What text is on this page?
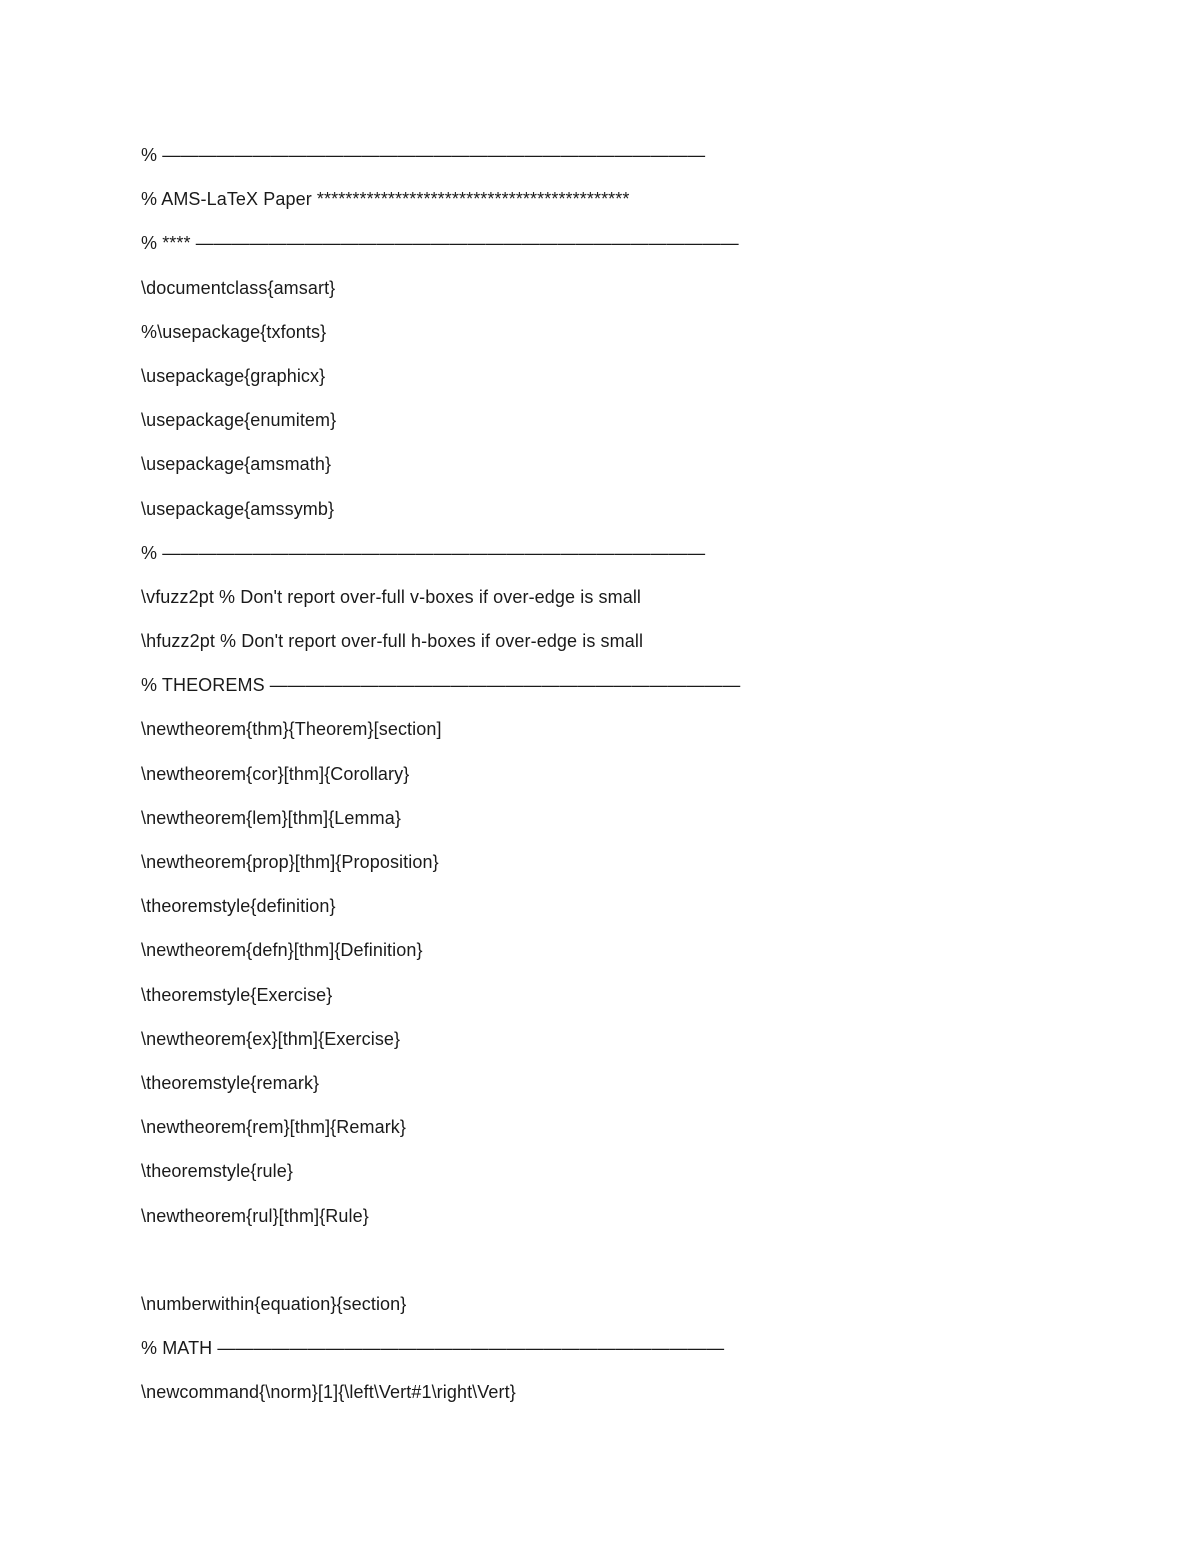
% ——————————————————————————————
% AMS-LaTeX Paper ********************************************
% **** ——————————————————————————————
\documentclass{amsart}
%\usepackage{txfonts}
\usepackage{graphicx}
\usepackage{enumitem}
\usepackage{amsmath}
\usepackage{amssymb}
% ——————————————————————————————
\vfuzz2pt % Don't report over-full v-boxes if over-edge is small
\hfuzz2pt % Don't report over-full h-boxes if over-edge is small
% THEOREMS ——————————————————————————
\newtheorem{thm}{Theorem}[section]
\newtheorem{cor}[thm]{Corollary}
\newtheorem{lem}[thm]{Lemma}
\newtheorem{prop}[thm]{Proposition}
\theoremstyle{definition}
\newtheorem{defn}[thm]{Definition}
\theoremstyle{Exercise}
\newtheorem{ex}[thm]{Exercise}
\theoremstyle{remark}
\newtheorem{rem}[thm]{Remark}
\theoremstyle{rule}
\newtheorem{rul}[thm]{Rule}
\numberwithin{equation}{section}
% MATH ————————————————————————————
\newcommand{\norm}[1]{\left\Vert#1\right\Vert}
